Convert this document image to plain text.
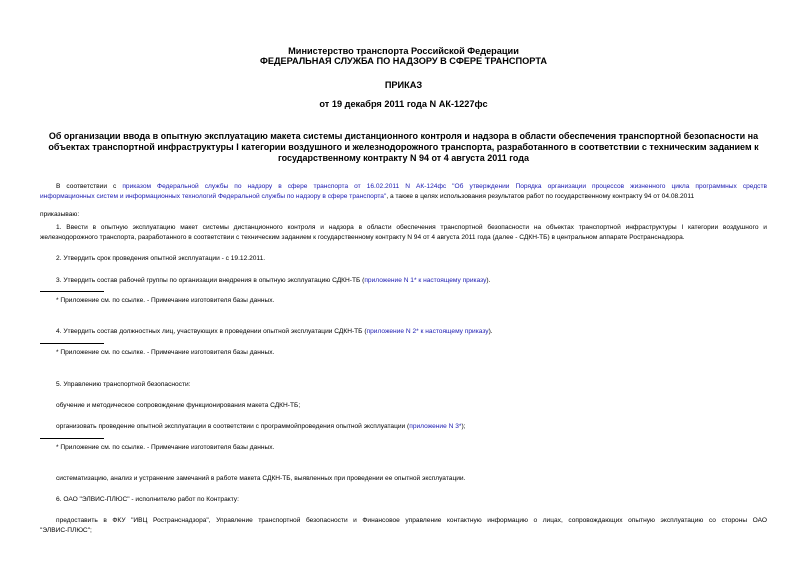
Министерство транспорта Российской Федерации
ФЕДЕРАЛЬНАЯ СЛУЖБА ПО НАДЗОРУ В СФЕРЕ ТРАНСПОРТА
ПРИКАЗ
от 19 декабря 2011 года N АК-1227фс
Об организации ввода в опытную эксплуатацию макета системы дистанционного контроля и надзора в области обеспечения транспортной безопасности на
объектах транспортной инфраструктуры I категории воздушного и железнодорожного транспорта, разработанного в соответствии с техническим заданием к
государственному контракту N 94 от 4 августа 2011 года
В соответствии с приказом Федеральной службы по надзору в сфере транспорта от 16.02.2011 N АК-124фс "Об утверждении Порядка организации процессов жизненного цикла программных средств
информационных систем и информационных технологий Федеральной службы по надзору в сфере транспорта", а также в целях использования результатов работ по государственному контракту 94 от 04.08.2011
приказываю:
1. Ввести в опытную эксплуатацию макет системы дистанционного контроля и надзора в области обеспечения транспортной безопасности на объектах транспортной инфраструктуры I категории воздушного и
железнодорожного транспорта, разработанного в соответствии с техническим заданием к государственному контракту N 94 от 4 августа 2011 года (далее - СДКН-ТБ) в центральном аппарате Ространснадзора.
2. Утвердить срок проведения опытной эксплуатации - с 19.12.2011.
3. Утвердить состав рабочей группы по организации внедрения в опытную эксплуатацию СДКН-ТБ (приложение N 1* к настоящему приказу).
* Приложение см. по ссылке. - Примечание изготовителя базы данных.
4. Утвердить состав должностных лиц, участвующих в проведении опытной эксплуатации СДКН-ТБ (приложение N 2* к настоящему приказу).
* Приложение см. по ссылке. - Примечание изготовителя базы данных.
5. Управлению транспортной безопасности:
обучение и методическое сопровождение функционирования макета СДКН-ТБ;
организовать проведение опытной эксплуатации в соответствии с программойпроведения опытной эксплуатации (приложение N 3*);
* Приложение см. по ссылке. - Примечание изготовителя базы данных.
систематизацию, анализ и устранение замечаний в работе макета СДКН-ТБ, выявленных при проведении ее опытной эксплуатации.
6. ОАО "ЭЛВИС-ПЛЮС" - исполнителю работ по Контракту:
предоставить в ФКУ "ИВЦ Ространснадзора", Управление транспортной безопасности и Финансовое управление контактную информацию о лицах, сопровождающих опытную эксплуатацию со стороны ОАО
"ЭЛВИС-ПЛЮС";
